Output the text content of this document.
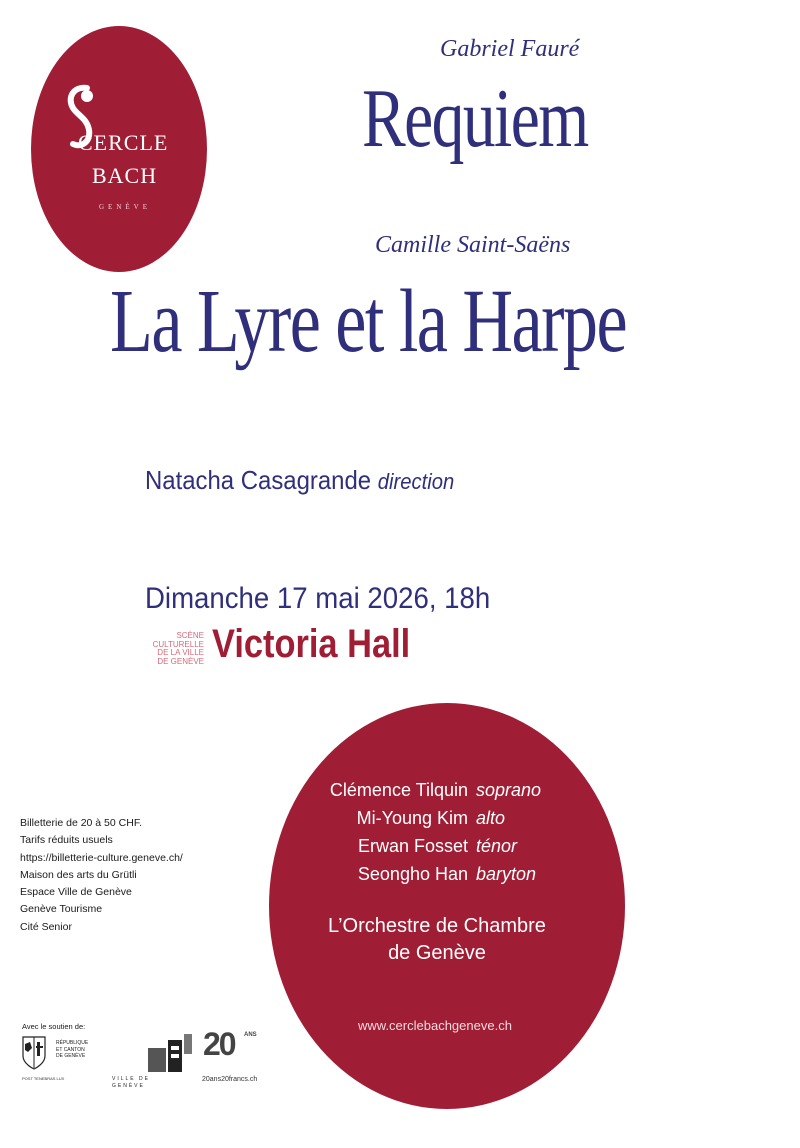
CERCLE
BACH
GENÈVE
Gabriel Fauré
Requiem
Camille Saint-Saëns
La Lyre et la Harpe
Natacha Casagrande direction
Dimanche 17 mai 2026, 18h
SCÈNE
CULTURELLE
DE LA VILLE
DE GENÈVE Victoria Hall
Clémence Tilquin soprano
Mi-Young Kim alto
Erwan Fosset ténor
Seongho Han baryton
L’Orchestre de Chambre
de Genève
www.cerclebachgeneve.ch
Billetterie de 20 à 50 CHF.
Tarifs réduits usuels
https://billetterie-culture.geneve.ch/
Maison des arts du Grütli
Espace Ville de Genève
Genève Tourisme
Cité Senior
Avec le soutien de:
RÉPUBLIQUE
ET CANTON
DE GENÈVE
POST TENEBRAS LUX	VILLE DE
GENÈVE
20 ANS
20ans20francs.ch
